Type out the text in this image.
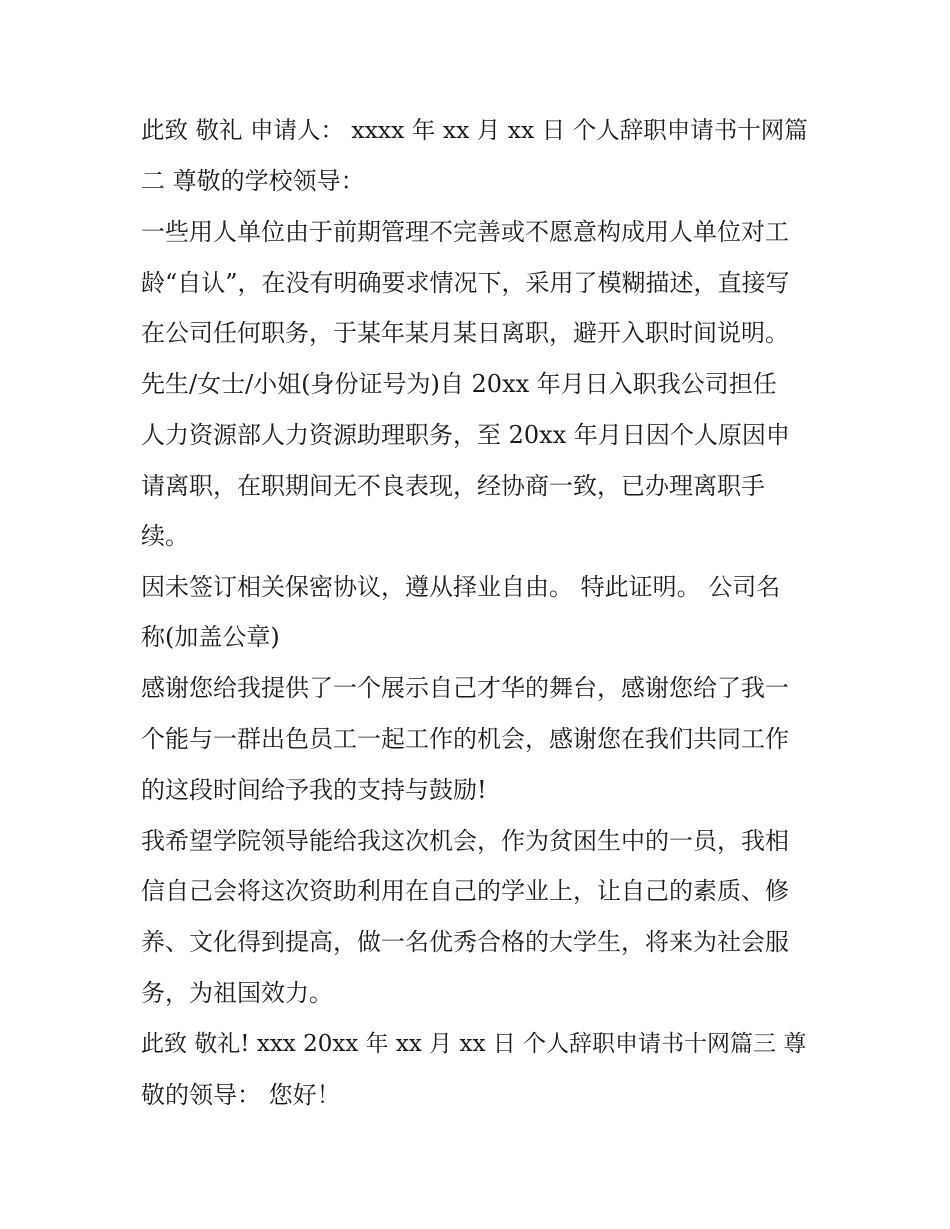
此致 敬礼 申请人： xxxx 年 xx 月 xx 日 个人辞职申请书十网篇

二 尊敬的学校领导：

一些用人单位由于前期管理不完善或不愿意构成用人单位对工

龄“自认”，在没有明确要求情况下，采用了模糊描述，直接写

在公司任何职务，于某年某月某日离职，避开入职时间说明。

先生/女士/小姐(身份证号为)自 20xx 年月日入职我公司担任

人力资源部人力资源助理职务，至 20xx 年月日因个人原因申

请离职，在职期间无不良表现，经协商一致，已办理离职手

续。

因未签订相关保密协议，遵从择业自由。 特此证明。 公司名

称(加盖公章)

感谢您给我提供了一个展示自己才华的舞台，感谢您给了我一

个能与一群出色员工一起工作的机会，感谢您在我们共同工作

的这段时间给予我的支持与鼓励!

我希望学院领导能给我这次机会，作为贫困生中的一员，我相

信自己会将这次资助利用在自己的学业上，让自己的素质、修

养、文化得到提高，做一名优秀合格的大学生，将来为社会服

务，为祖国效力。

此致 敬礼! xxx 20xx 年 xx 月 xx 日 个人辞职申请书十网篇三 尊

敬的领导： 您好！
